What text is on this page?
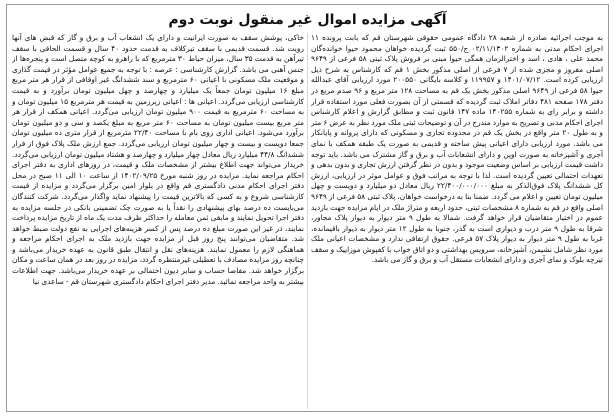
آگهی مزایده اموال غیر منقول نوبت دوم

به موجب اجرائیه صادره از شعبه ۲۸ دادگاه عمومی حقوقی شهرستان قم که بابت پرونده ۱۱ اجرای احکام مدنی به شماره ۰۲/۱۱/۱۳۰۲ ج/۵۵۰ ثبت گردیده خواهان محمود حیوا خوانده‌گان محمد علی ، هادی ، اسد و اخترالزمان همگی حیوا مبنی بر فروش پلاک ثبتی ۵۸ فرعی از ۹۶۴۹ اصلی مفروز و مجزی شده از ۷ فرعی از اصلی مذکور بخش ۱ قم که کارشناس به شرح ذیل ارزیابی کرده است. ۱۴۰۱/۰۷/۱۲ و ۱۱۹۹۵۷ و کلاسه بایگانی ۲۰۰۵۵۰ مورد ارزیابی آقای عبدالله حیوا ۵۸ فرعی از ۹۶۴۹ اصلی مذکور بخش یک قم به مساحت ۱۲۸ متر مربع و ۹۶ صدم مربع در دفتر ۱۷۸ صفحه ۴۸۱ دفاتر املاک ثبت گردیده که قسمتی از آن بصورت فعلی مورد استفاده قرار داشته و برابر رای به شماره ۱۴۰۲۵۵ ماده ۱۴۷ قانون ثبت و مطابق گزارش و اعلام کارشناس اجرای احکام مدنی و تصریح به موارد مندرج در آن و توضیحات ثبتی ملک مورد نظر به عرض ۶ متر و به طول ۲۰ متر واقع در بخش یک قم در محدوده تجاری و مسکونی که دارای پروانه و پایانکار می باشد. مورد ارزیابی دارای اعیانی پیش ساخته و قدیمی به صورت یک طبقه همکف با نمای آجری و آشپزخانه به صورت اوپن و دارای انشعابات آب و برق و گاز مشترک می باشد. باید توجه داشت قیمت ارزیابی بر اساس وضعیت موجود و بدون در نظر گرفتن ارزش تجاری و بدون بدهی و تعهدات احتمالی تعیین گردیده است. لذا با توجه به مراتب فوق و عوامل موثر در ارزیابی، ارزش کل ششدانگ پلاک فوق‌الذکر به مبلغ ۲۲/۴۰۰/۰۰۰/۰۰۰ ریال معادل دو میلیارد و دویست و چهل میلیون تومان تعیین و اعلام می گردد. ضمنا بنا به درخواست خواهان، پلاک ثبتی ۵۸ فرعی از ۹۶۴۹ اصلی واقع در قم به شماره ۸ مشخصات ثبتی، حدود اربعه و متراژ ملک در ایام مزایده جهت بازدید عموم در اختیار متقاضیان قرار خواهد گرفت. شمالا به طول ۹ متر دیوار به دیوار پلاک مجاور، شرقا به طول ۹ متر درب و دیواری است به گذر، جنوبا به طول ۱۲ متر دیوار به دیوار باقیمانده، غربا به طول ۹ متر دیوار به دیوار پلاک ۵۷ فرعی. حقوق ارتفاقی ندارد و مشخصات اعیانی ملک مورد نظر شامل نشیمن، آشپزخانه، سرویس بهداشتی و دو اتاق خواب با کفپوش موزاییک و سقف تیرچه بلوک و نمای آجری و دارای انشعابات مستقل آب و برق و گاز می باشد.

خاکی، پوشش سقف به صورت ایرانیت و دارای یک انشعاب آب و برق و گاز که قبض های آنها رویت شد. قسمت قدیمی با سقف تیرکلاف به قدمت حدود ۴۰ سال و قسمت الحاقی با سقف تیرآهن به قدمت ۳۵ سال، میزان حیاط ۳۰ مترمربع که با راهرو به کوچه متصل است و پنجره‌ها از جنس آهنی می باشد. گزارش کارشناسی : عرصه : با توجه به جمیع عوامل مؤثر در قیمت گذاری و موقعیت ملک مسکونی با اعیانی ۶۰ مترمربع و سند ششدانگ غیر اوقافی از قرار هر متر مربع مبلغ ۱۶ میلیون تومان جمعاً یک میلیارد و چهارصد و چهل میلیون تومان برآورد و به قیمت کارشناسی ارزیابی می‌گردد. اعیانی ها : اعیانی زیرزمین به قیمت هر مترمربع ۱۵ میلیون تومان و به مساحت ۶۰ مترمربع به قیمت ۹۰۰ میلیون تومان ارزیابی می‌گردد. اعیانی همکف از قرار هر متر مربع بیست میلیون تومان به مساحت ۶۰ متر مربع به مبلغ یکصد و سی و دو میلیون تومان برآورد می‌شود. اعیانی اداری روی بام با مساحت ۲۲/۴۰ مترمربع از قرار متری ده میلیون تومان جمعا دویست و بیست و چهار میلیون تومان ارزیابی می‌گردد. جمع ارزش ملک پلاک فوق از قرار ششدانگ ۴۴/۸ میلیارد ریال معادل چهار میلیارد و چهارصد و هشتاد میلیون تومان ارزیابی می‌گردد. خریدار می‌تواند جهت اطلاع بیشتر از مشخصات ملک و قیمت، در روزهای اداری به دفتر اجرای احکام مراجعه نماید. مزایده در روز شنبه مورخ ۱۴۰۲/۰۹/۲۵ از ساعت ۱۰ الی ۱۱ صبح در محل دفتر اجرای احکام مدنی دادگستری قم واقع در بلوار امین برگزار می‌گردد و مزایده از قیمت کارشناسی شروع و به کسی که بالاترین قیمت را پیشنهاد نماید واگذار می‌گردد. شرکت کنندگان می‌بایست ده درصد بهای پیشنهادی را نقداً یا به صورت چک تضمینی بانکی در جلسه مزایده به دفتر اجرا تحویل نمایند و مابقی ثمن معامله را حداکثر ظرف مدت یک ماه از تاریخ مزایده پرداخت نمایند، در غیر این صورت مبلغ ده درصد پس از کسر هزینه‌های اجرایی به نفع دولت ضبط خواهد شد. متقاضیان می‌توانند پنج روز قبل از مزایده جهت بازدید ملک به اجرای احکام مراجعه و هماهنگی لازم را معمول نمایند. هزینه‌های نقل و انتقال طبق قانون به عهده خریدار می‌باشد و چنانچه روز مزایده مصادف با تعطیلی غیرمنتظره گردد، مزایده در روز بعد در همان ساعت و مکان برگزار خواهد شد. مفاصا حساب و سایر دیون احتمالی بر عهده خریدار می‌باشد. جهت اطلاعات بیشتر به واحد مراجعه نمائید. مدیر دفتر اجرای احکام دادگستری شهرستان قم - ساعدی نیا
